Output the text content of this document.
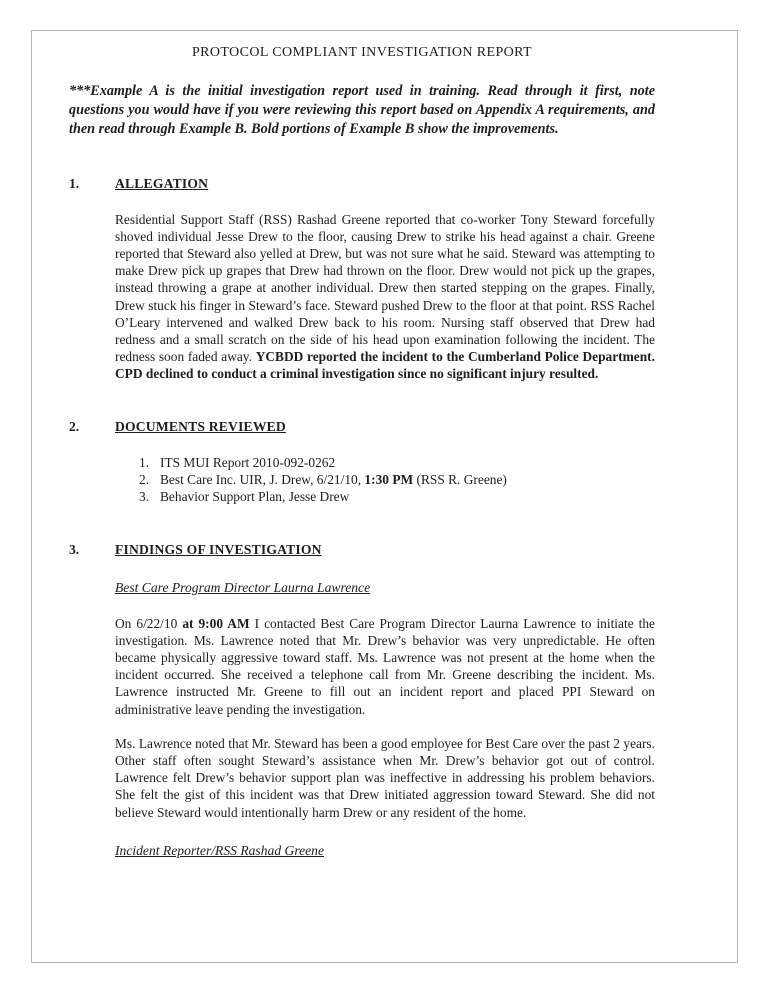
PROTOCOL COMPLIANT INVESTIGATION REPORT

***Example A is the initial investigation report used in training. Read through it first, note questions you would have if you were reviewing this report based on Appendix A requirements, and then read through Example B. Bold portions of Example B show the improvements.

1.	ALLEGATION

Residential Support Staff (RSS) Rashad Greene reported that co-worker Tony Steward forcefully shoved individual Jesse Drew to the floor, causing Drew to strike his head against a chair. Greene reported that Steward also yelled at Drew, but was not sure what he said. Steward was attempting to make Drew pick up grapes that Drew had thrown on the floor. Drew would not pick up the grapes, instead throwing a grape at another individual. Drew then started stepping on the grapes. Finally, Drew stuck his finger in Steward’s face. Steward pushed Drew to the floor at that point. RSS Rachel O’Leary intervened and walked Drew back to his room. Nursing staff observed that Drew had redness and a small scratch on the side of his head upon examination following the incident. The redness soon faded away. YCBDD reported the incident to the Cumberland Police Department. CPD declined to conduct a criminal investigation since no significant injury resulted.

2.	DOCUMENTS REVIEWED
1. ITS MUI Report 2010-092-0262
2. Best Care Inc. UIR, J. Drew, 6/21/10, 1:30 PM (RSS R. Greene)
3. Behavior Support Plan, Jesse Drew
3.	FINDINGS OF INVESTIGATION
Best Care Program Director Laurna Lawrence

On 6/22/10 at 9:00 AM I contacted Best Care Program Director Laurna Lawrence to initiate the investigation. Ms. Lawrence noted that Mr. Drew’s behavior was very unpredictable. He often became physically aggressive toward staff. Ms. Lawrence was not present at the home when the incident occurred. She received a telephone call from Mr. Greene describing the incident. Ms. Lawrence instructed Mr. Greene to fill out an incident report and placed PPI Steward on administrative leave pending the investigation.

Ms. Lawrence noted that Mr. Steward has been a good employee for Best Care over the past 2 years. Other staff often sought Steward’s assistance when Mr. Drew’s behavior got out of control. Lawrence felt Drew’s behavior support plan was ineffective in addressing his problem behaviors. She felt the gist of this incident was that Drew initiated aggression toward Steward. She did not believe Steward would intentionally harm Drew or any resident of the home.

Incident Reporter/RSS Rashad Greene
